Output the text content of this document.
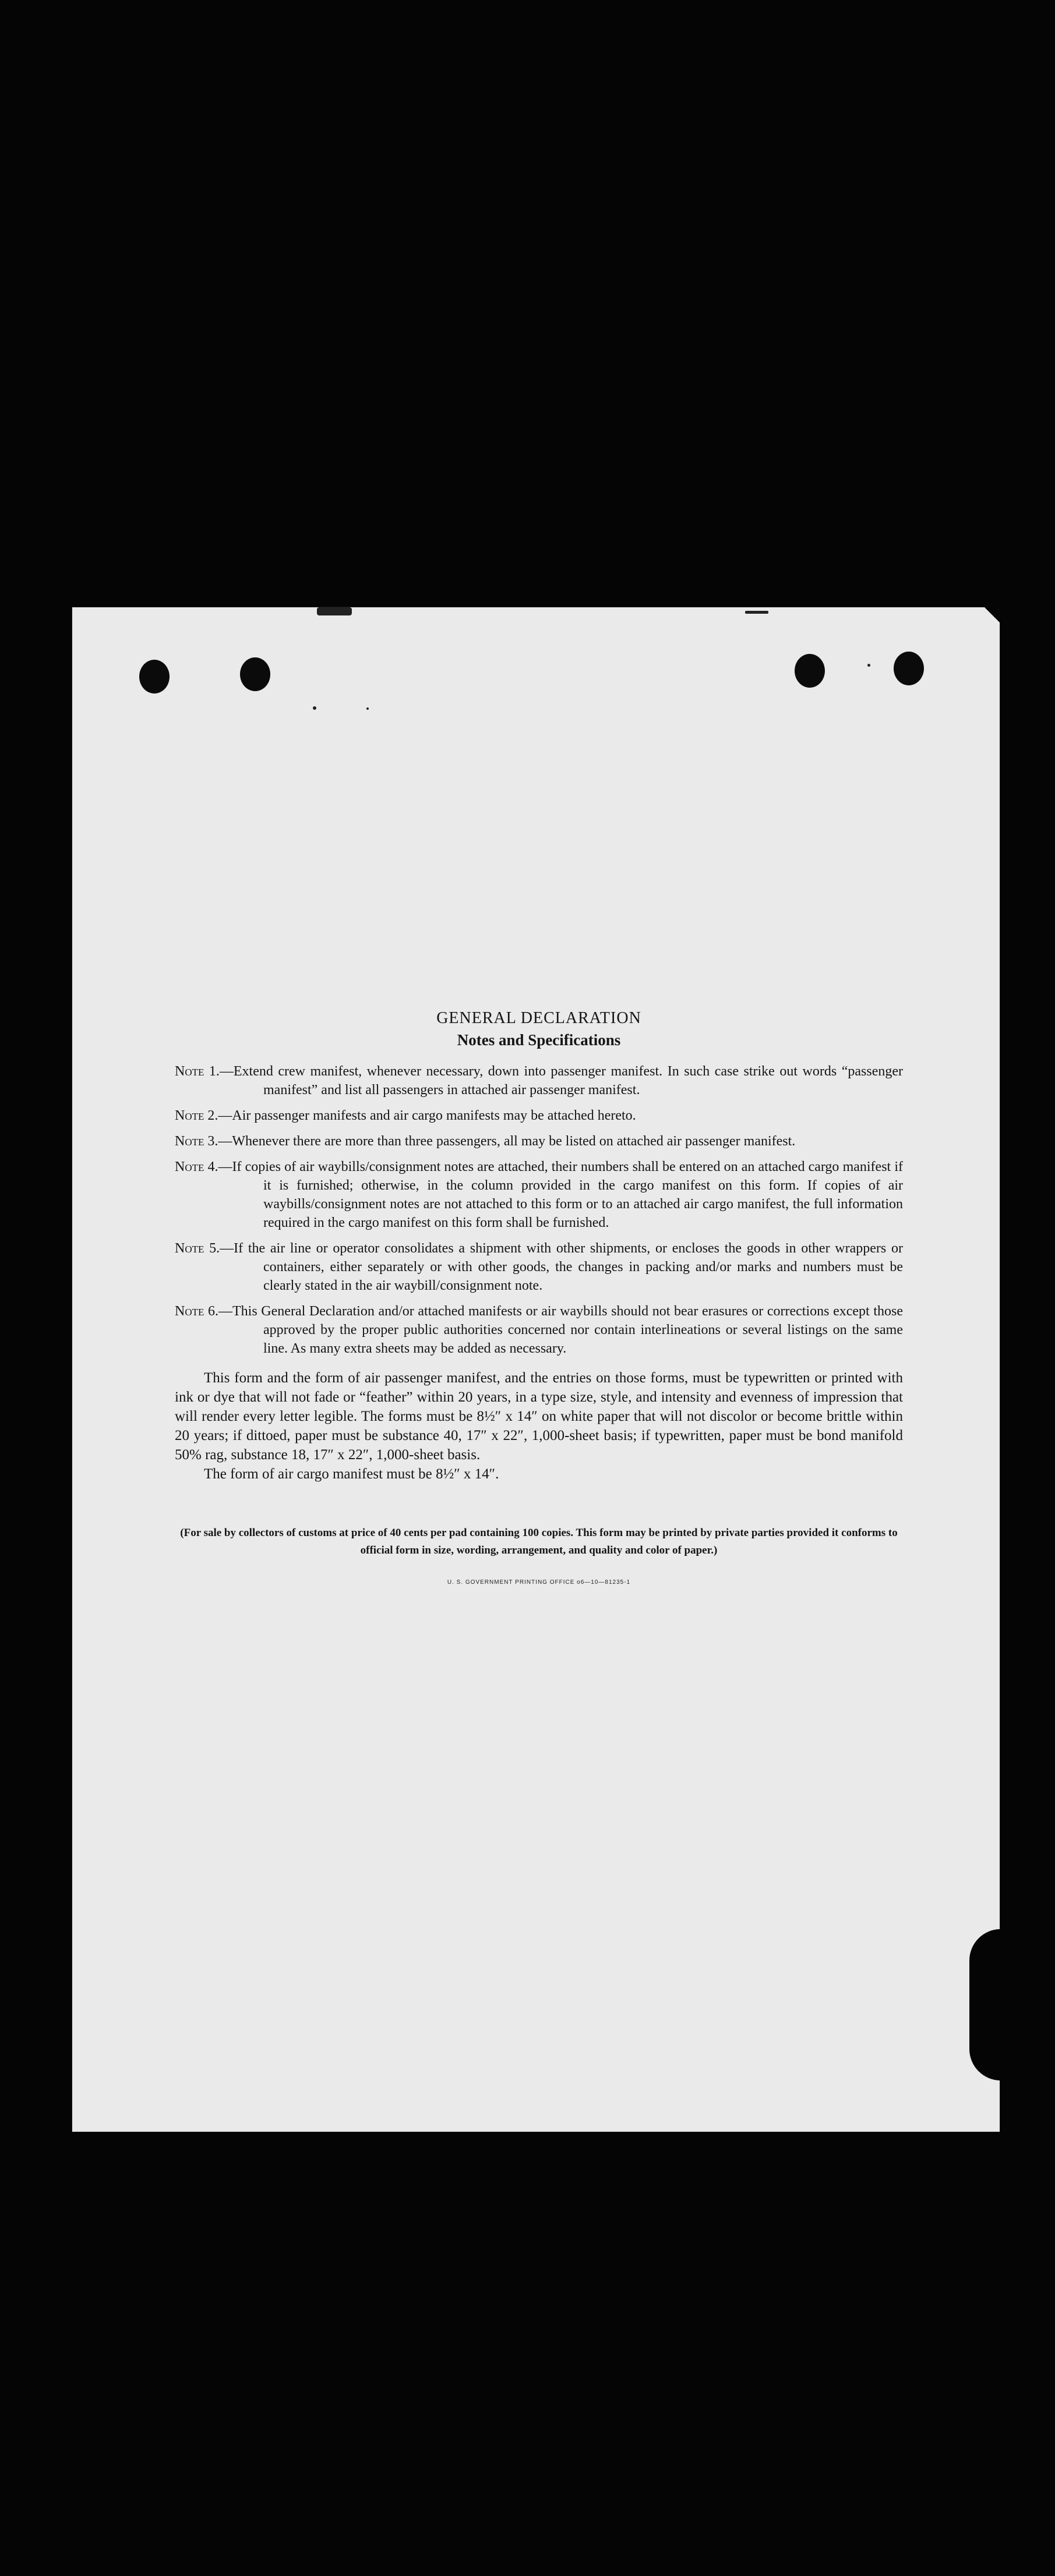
GENERAL DECLARATION
Notes and Specifications
Note 1.—Extend crew manifest, whenever necessary, down into passenger manifest. In such case strike out words “passenger manifest” and list all passengers in attached air passenger manifest.
Note 2.—Air passenger manifests and air cargo manifests may be attached hereto.
Note 3.—Whenever there are more than three passengers, all may be listed on attached air passenger manifest.
Note 4.—If copies of air waybills/consignment notes are attached, their numbers shall be entered on an attached cargo manifest if it is furnished; otherwise, in the column provided in the cargo manifest on this form. If copies of air waybills/consignment notes are not attached to this form or to an attached air cargo manifest, the full information required in the cargo manifest on this form shall be furnished.
Note 5.—If the air line or operator consolidates a shipment with other shipments, or encloses the goods in other wrappers or containers, either separately or with other goods, the changes in packing and/or marks and numbers must be clearly stated in the air waybill/consignment note.
Note 6.—This General Declaration and/or attached manifests or air waybills should not bear erasures or corrections except those approved by the proper public authorities concerned nor contain interlineations or several listings on the same line. As many extra sheets may be added as necessary.

This form and the form of air passenger manifest, and the entries on those forms, must be typewritten or printed with ink or dye that will not fade or “feather” within 20 years, in a type size, style, and intensity and evenness of impression that will render every letter legible. The forms must be 8½″ x 14″ on white paper that will not discolor or become brittle within 20 years; if dittoed, paper must be substance 40, 17″ x 22″, 1,000-sheet basis; if typewritten, paper must be bond manifold 50% rag, substance 18, 17″ x 22″, 1,000-sheet basis.

The form of air cargo manifest must be 8½″ x 14″.

(For sale by collectors of customs at price of 40 cents per pad containing 100 copies. This form may be printed by private parties provided it conforms to official form in size, wording, arrangement, and quality and color of paper.)
U. S. GOVERNMENT PRINTING OFFICE o6—10—81235-1
